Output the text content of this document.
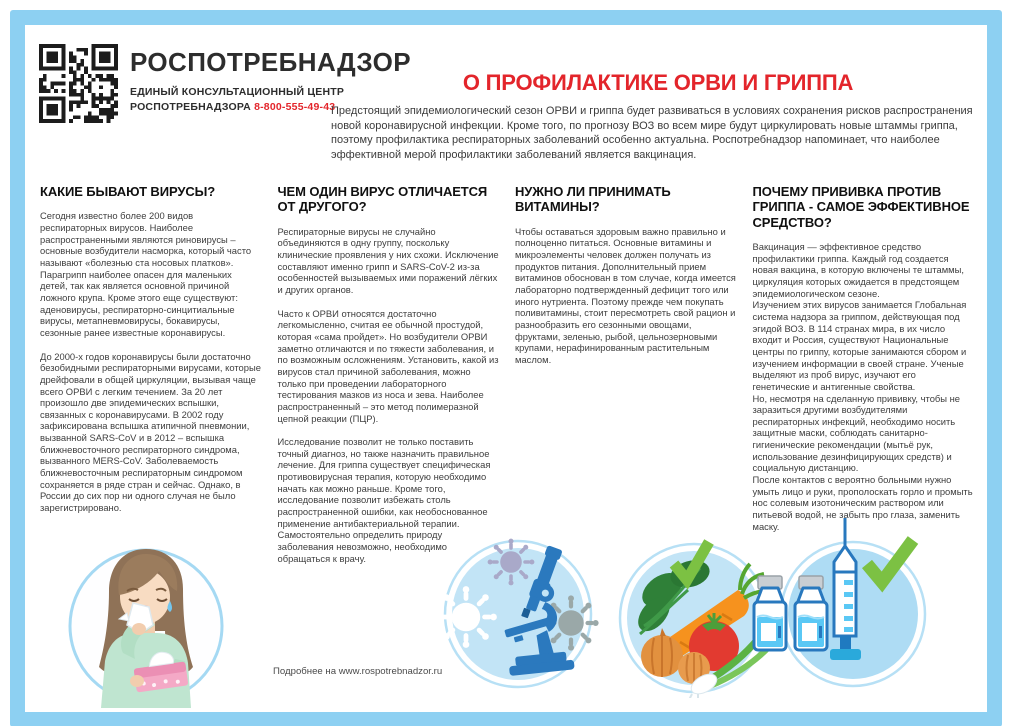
РОСПОТРЕБНАДЗОР
ЕДИНЫЙ КОНСУЛЬТАЦИОННЫЙ ЦЕНТР
РОСПОТРЕБНАДЗОРА 8-800-555-49-43
О ПРОФИЛАКТИКЕ ОРВИ И ГРИППА

Предстоящий эпидемиологический сезон ОРВИ и гриппа будет развиваться в условиях сохранения рисков распространения новой коронавирусной инфекции. Кроме того, по прогнозу ВОЗ во всем мире будут циркулировать новые штаммы гриппа, поэтому профилактика респираторных заболеваний особенно актуальна. Роспотребнадзор напоминает, что наиболее эффективной мерой профилактики заболеваний является вакцинация.

КАКИЕ БЫВАЮТ ВИРУСЫ?

Сегодня известно более 200 видов респираторных вирусов. Наиболее распространенными являются риновирусы – основные возбудители насморка, который часто называют «болезнью ста носовых платков». Парагрипп наиболее опасен для маленьких детей, так как является основной причиной ложного крупа. Кроме этого еще существуют: аденовирусы, респираторно-синцитиальные вирусы, метапневмовирусы, бокавирусы, сезонные ранее известные коронавирусы.

До 2000-х годов коронавирусы были достаточно безобидными респираторными вирусами, которые дрейфовали в общей циркуляции, вызывая чаще всего ОРВИ с легким течением. За 20 лет произошло две эпидемических вспышки, связанных с коронавирусами. В 2002 году зафиксирована вспышка атипичной пневмонии, вызванной SARS-CoV и в 2012 – вспышка ближневосточного респираторного синдрома, вызванного MERS-CoV. Заболеваемость ближневосточным респираторным синдромом сохраняется в ряде стран и сейчас. Однако, в России до сих пор ни одного случая не было зарегистрировано.

ЧЕМ ОДИН ВИРУС ОТЛИЧАЕТСЯ ОТ ДРУГОГО?

Респираторные вирусы не случайно объединяются в одну группу, поскольку клинические проявления у них схожи. Исключение составляют именно грипп и SARS-CoV-2 из-за особенностей вызываемых ими поражений лёгких и других органов.

Часто к ОРВИ относятся достаточно легкомысленно, считая ее обычной простудой, которая «сама пройдет». Но возбудители ОРВИ заметно отличаются и по тяжести заболевания, и по возможным осложнениям. Установить, какой из вирусов стал причиной заболевания, можно только при проведении лабораторного тестирования мазков из носа и зева. Наиболее распространенный – это метод полимеразной цепной реакции (ПЦР).

Исследование позволит не только поставить точный диагноз, но также назначить правильное лечение. Для гриппа существует специфическая противовирусная терапия, которую необходимо начать как можно раньше. Кроме того, исследование позволит избежать столь распространенной ошибки, как необоснованное применение антибактериальной терапии. Самостоятельно определить природу заболевания невозможно, необходимо обращаться к врачу.

НУЖНО ЛИ ПРИНИМАТЬ ВИТАМИНЫ?

Чтобы оставаться здоровым важно правильно и полноценно питаться. Основные витамины и микроэлементы человек должен получать из продуктов питания. Дополнительный прием витаминов обоснован в том случае, когда имеется лабораторно подтвержденный дефицит того или иного нутриента. Поэтому прежде чем покупать поливитамины, стоит пересмотреть свой рацион и разнообразить его сезонными овощами, фруктами, зеленью, рыбой, цельнозерновыми крупами, нерафинированным растительным маслом.

ПОЧЕМУ ПРИВИВКА ПРОТИВ ГРИППА - САМОЕ ЭФФЕКТИВНОЕ СРЕДСТВО?

Вакцинация — эффективное средство профилактики гриппа. Каждый год создается новая вакцина, в которую включены те штаммы, циркуляция которых ожидается в предстоящем эпидемиологическом сезоне.

Изучением этих вирусов занимается Глобальная система надзора за гриппом, действующая под эгидой ВОЗ. В 114 странах мира, в их число входит и Россия, существуют Национальные центры по гриппу, которые занимаются сбором и изучением информации в своей стране. Ученые выделяют из проб вирус, изучают его генетические и антигенные свойства.

Но, несмотря на сделанную прививку, чтобы не заразиться другими возбудителями респираторных инфекций, необходимо носить защитные маски, соблюдать санитарно-гигиенические рекомендации (мытьё рук, использование дезинфицирующих средств) и социальную дистанцию.

После контактов с вероятно больными нужно умыть лицо и руки, прополоскать горло и промыть нос солевым изотоническим раствором или питьевой водой, не забыть про глаза, заменить маску.

Подробнее на www.rospotrebnadzor.ru
